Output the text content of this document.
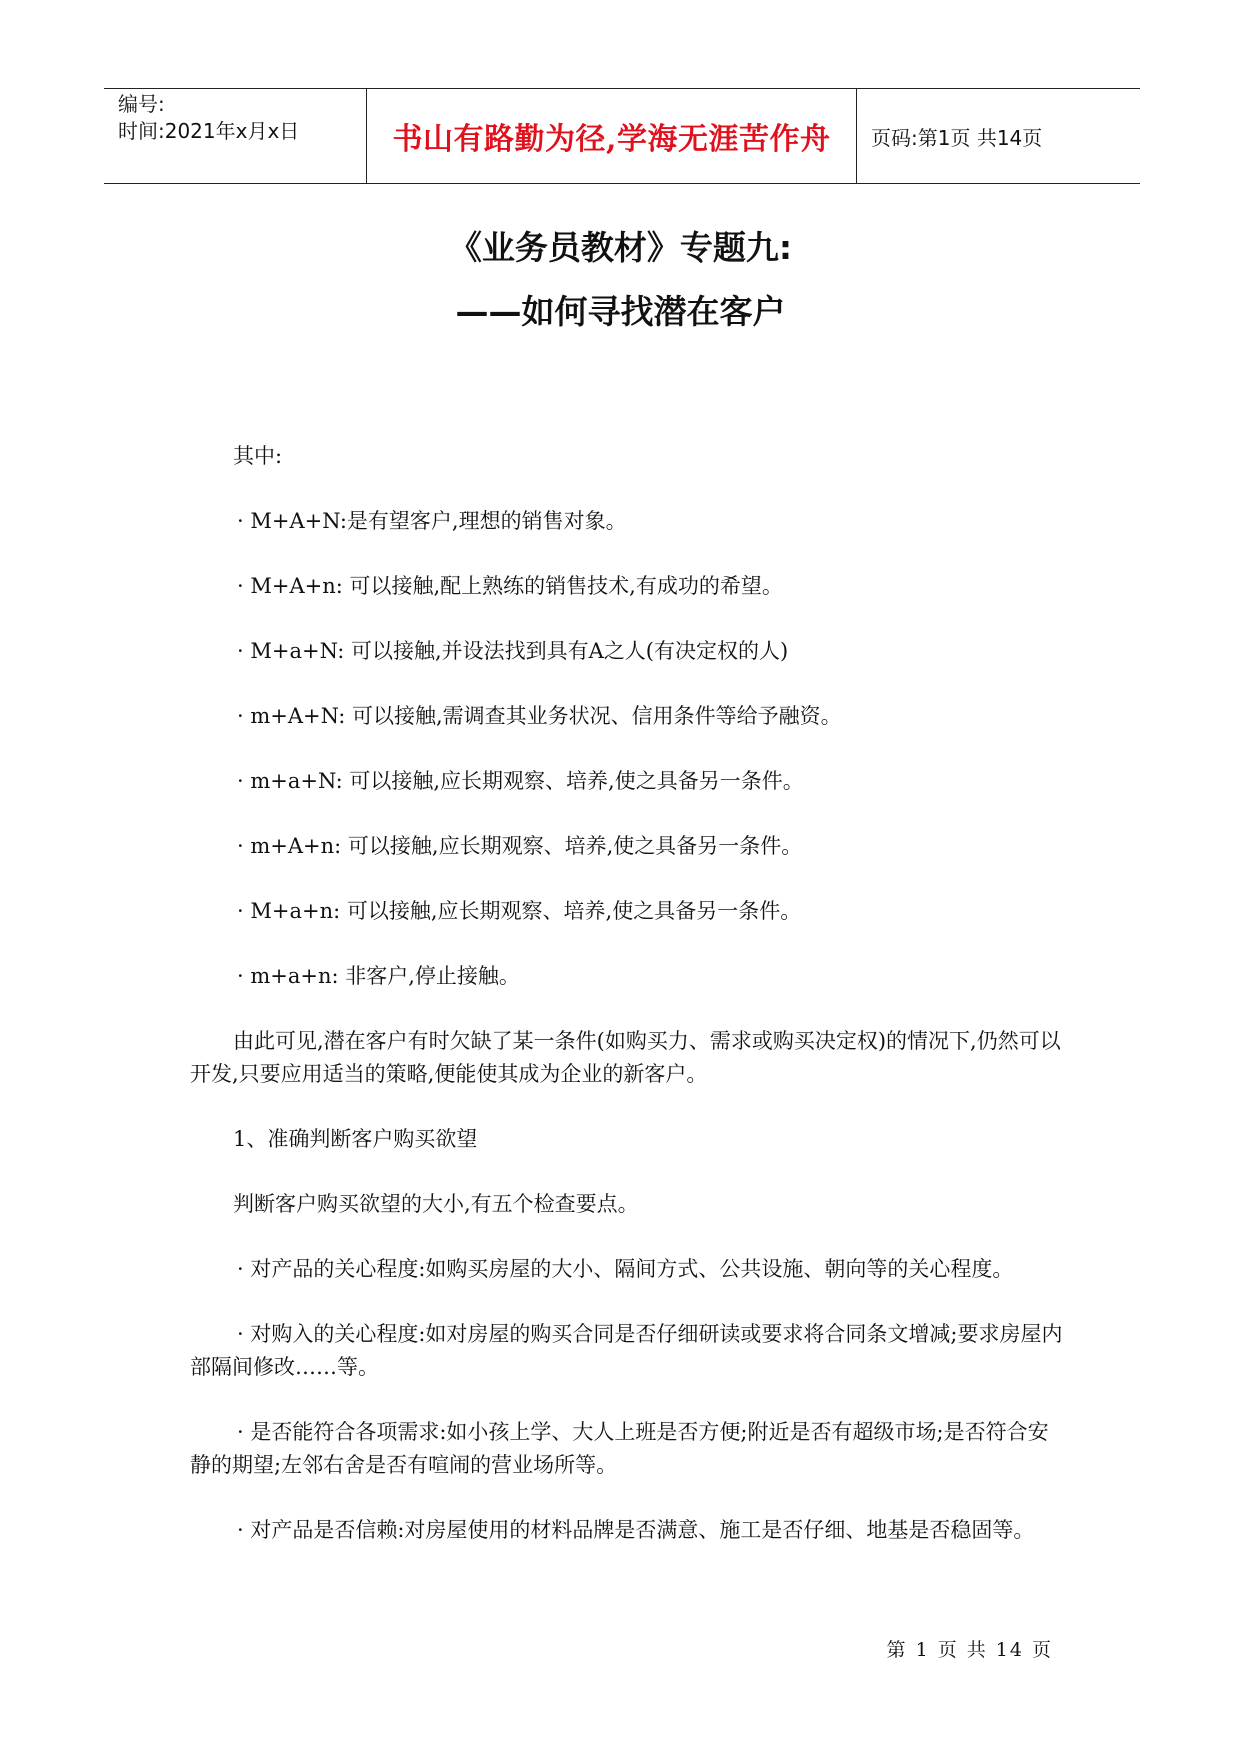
编号:
时间:2021年x月x日	书山有路勤为径,学海无涯苦作舟	页码:第1页 共14页
《业务员教材》专题九:
——如何寻找潜在客户

其中:

· M+A+N:是有望客户,理想的销售对象。

· M+A+n: 可以接触,配上熟练的销售技术,有成功的希望。

· M+a+N: 可以接触,并设法找到具有A之人(有决定权的人)

· m+A+N: 可以接触,需调查其业务状况、信用条件等给予融资。

· m+a+N: 可以接触,应长期观察、培养,使之具备另一条件。

· m+A+n: 可以接触,应长期观察、培养,使之具备另一条件。

· M+a+n: 可以接触,应长期观察、培养,使之具备另一条件。

· m+a+n: 非客户,停止接触。

由此可见,潜在客户有时欠缺了某一条件(如购买力、需求或购买决定权)的情况下,仍然可以开发,只要应用适当的策略,便能使其成为企业的新客户。

1、准确判断客户购买欲望

判断客户购买欲望的大小,有五个检查要点。

· 对产品的关心程度:如购买房屋的大小、隔间方式、公共设施、朝向等的关心程度。

· 对购入的关心程度:如对房屋的购买合同是否仔细研读或要求将合同条文增减;要求房屋内部隔间修改……等。

· 是否能符合各项需求:如小孩上学、大人上班是否方便;附近是否有超级市场;是否符合安静的期望;左邻右舍是否有喧闹的营业场所等。

· 对产品是否信赖:对房屋使用的材料品牌是否满意、施工是否仔细、地基是否稳固等。

第 1 页 共 14 页
